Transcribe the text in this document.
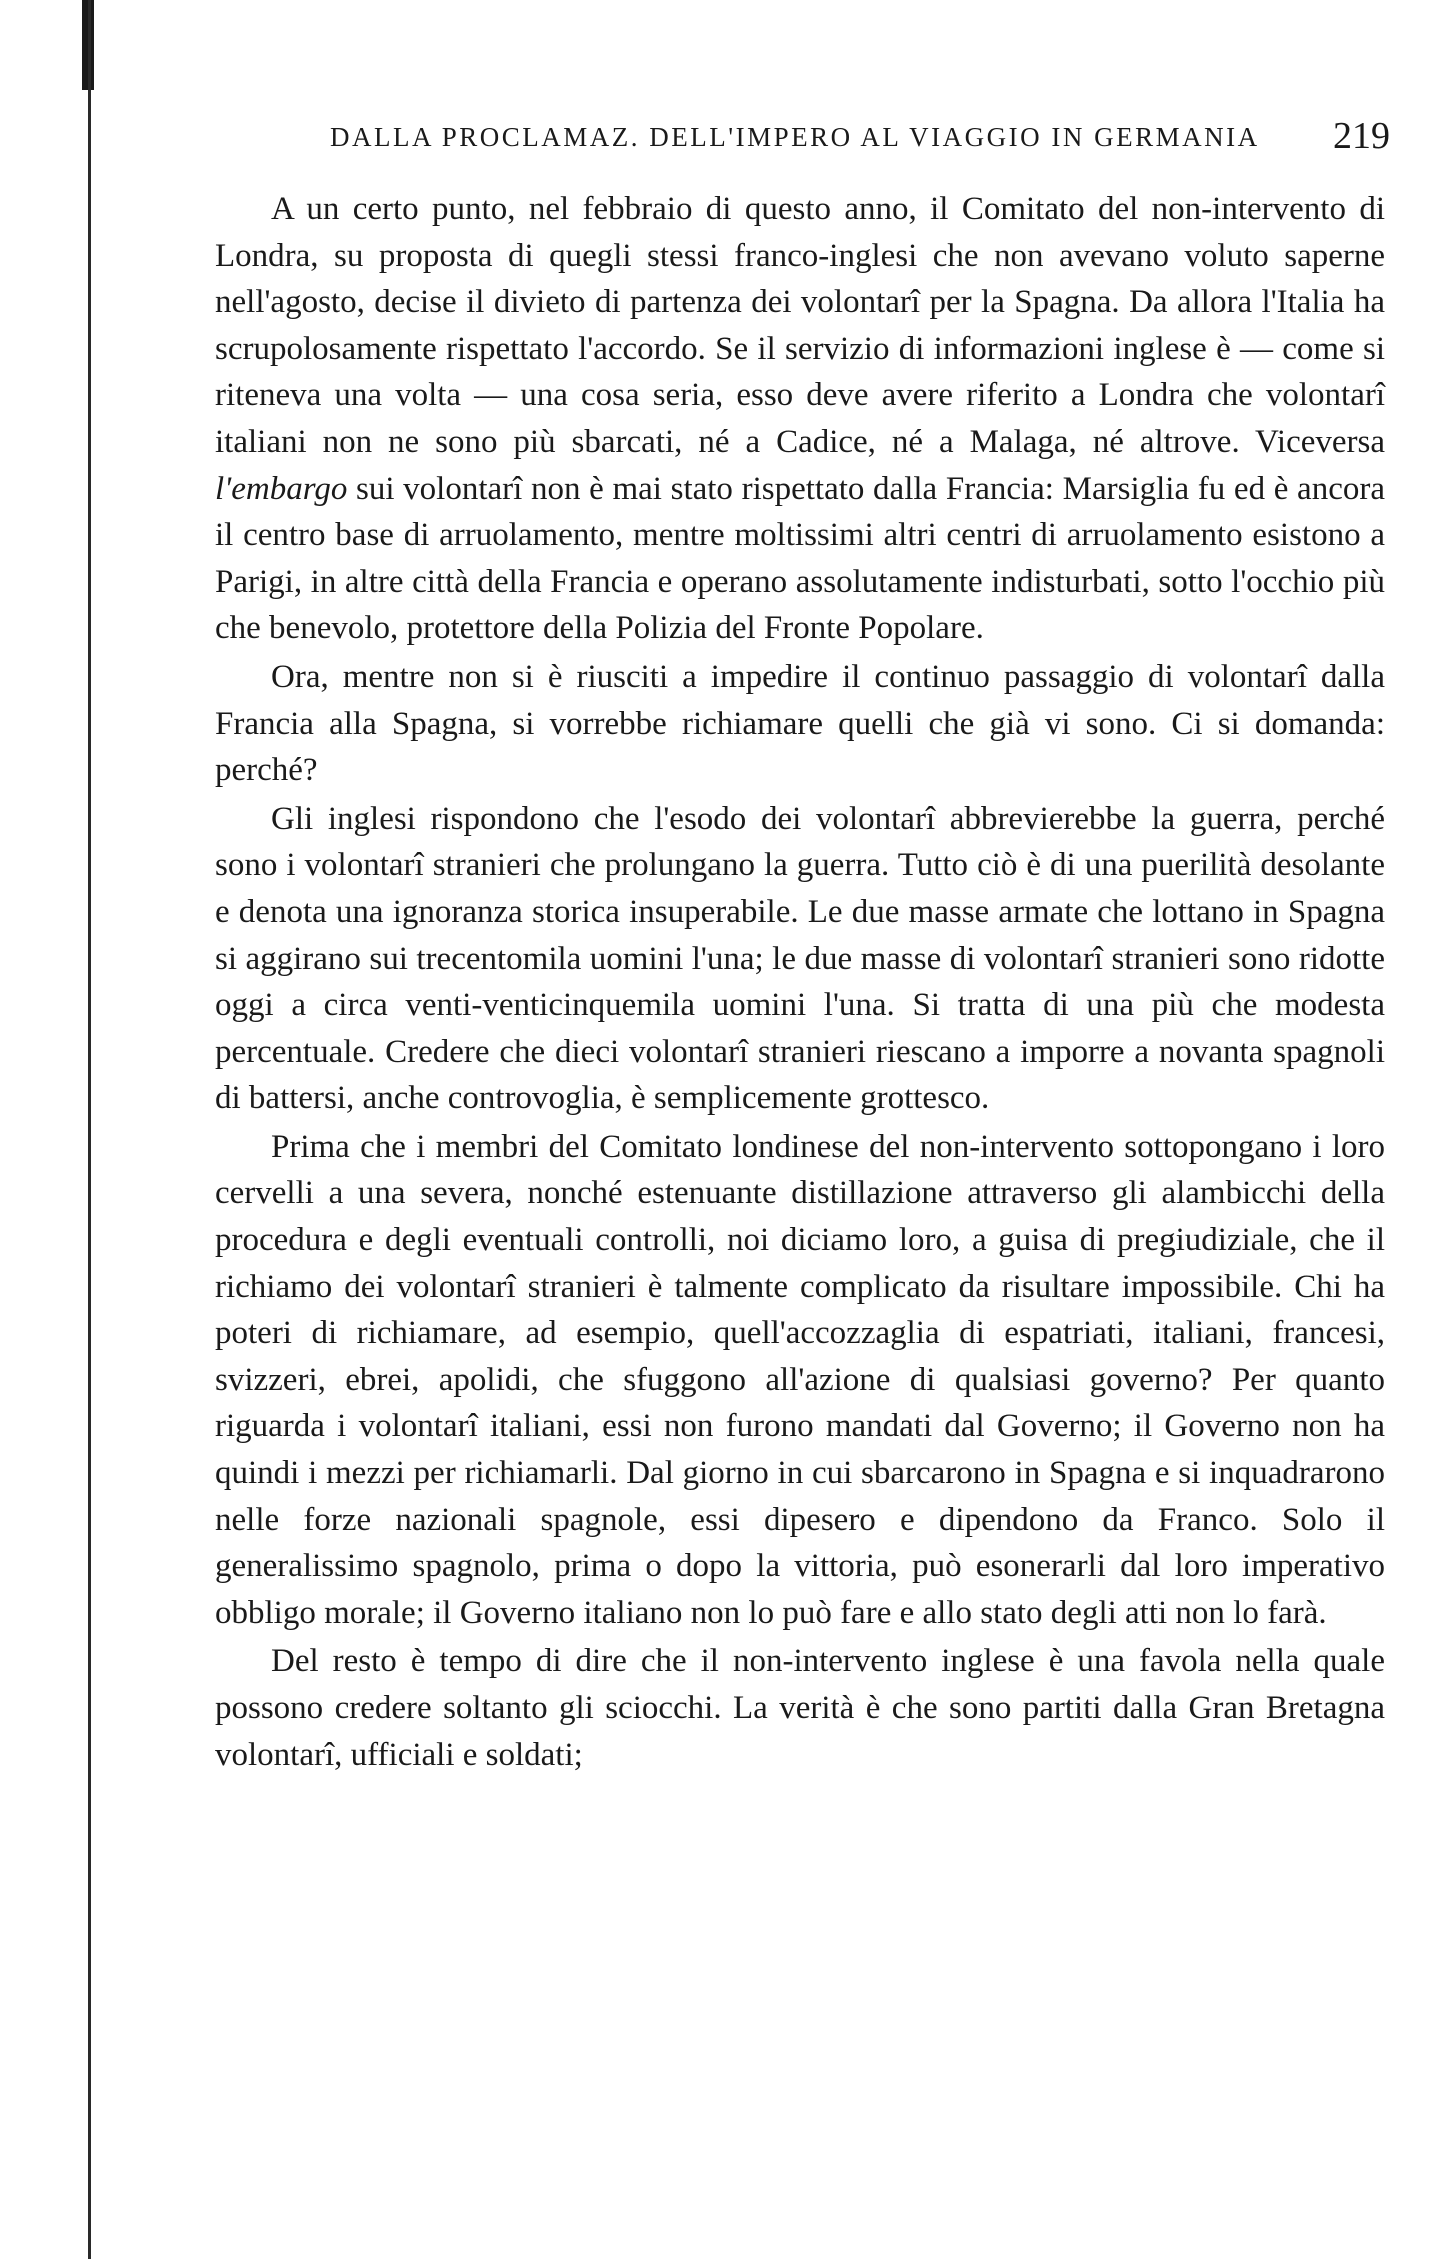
DALLA PROCLAMAZ. DELL'IMPERO AL VIAGGIO IN GERMANIA 219

A un certo punto, nel febbraio di questo anno, il Comitato del non-intervento di Londra, su proposta di quegli stessi franco-inglesi che non avevano voluto saperne nell'agosto, decise il divieto di partenza dei volontarî per la Spagna. Da allora l'Italia ha scrupolosamente rispettato l'accordo. Se il servizio di informazioni inglese è — come si riteneva una volta — una cosa seria, esso deve avere riferito a Londra che volontarî italiani non ne sono più sbarcati, né a Cadice, né a Malaga, né altrove. Viceversa l'embargo sui volontarî non è mai stato rispettato dalla Francia: Marsiglia fu ed è ancora il centro base di arruolamento, mentre moltissimi altri centri di arruolamento esistono a Parigi, in altre città della Francia e operano assolutamente indisturbati, sotto l'occhio più che benevolo, protettore della Polizia del Fronte Popolare.

Ora, mentre non si è riusciti a impedire il continuo passaggio di volontarî dalla Francia alla Spagna, si vorrebbe richiamare quelli che già vi sono. Ci si domanda: perché?

Gli inglesi rispondono che l'esodo dei volontarî abbrevierebbe la guerra, perché sono i volontarî stranieri che prolungano la guerra. Tutto ciò è di una puerilità desolante e denota una ignoranza storica insuperabile. Le due masse armate che lottano in Spagna si aggirano sui trecentomila uomini l'una; le due masse di volontarî stranieri sono ridotte oggi a circa venti-venticinquemila uomini l'una. Si tratta di una più che modesta percentuale. Credere che dieci volontarî stranieri riescano a imporre a novanta spagnoli di battersi, anche controvoglia, è semplicemente grottesco.

Prima che i membri del Comitato londinese del non-intervento sottopongano i loro cervelli a una severa, nonché estenuante distillazione attraverso gli alambicchi della procedura e degli eventuali controlli, noi diciamo loro, a guisa di pregiudiziale, che il richiamo dei volontarî stranieri è talmente complicato da risultare impossibile. Chi ha poteri di richiamare, ad esempio, quell'accozzaglia di espatriati, italiani, francesi, svizzeri, ebrei, apolidi, che sfuggono all'azione di qualsiasi governo? Per quanto riguarda i volontarî italiani, essi non furono mandati dal Governo; il Governo non ha quindi i mezzi per richiamarli. Dal giorno in cui sbarcarono in Spagna e si inquadrarono nelle forze nazionali spagnole, essi dipesero e dipendono da Franco. Solo il generalissimo spagnolo, prima o dopo la vittoria, può esonerarli dal loro imperativo obbligo morale; il Governo italiano non lo può fare e allo stato degli atti non lo farà.

Del resto è tempo di dire che il non-intervento inglese è una favola nella quale possono credere soltanto gli sciocchi. La verità è che sono partiti dalla Gran Bretagna volontarî, ufficiali e soldati;
